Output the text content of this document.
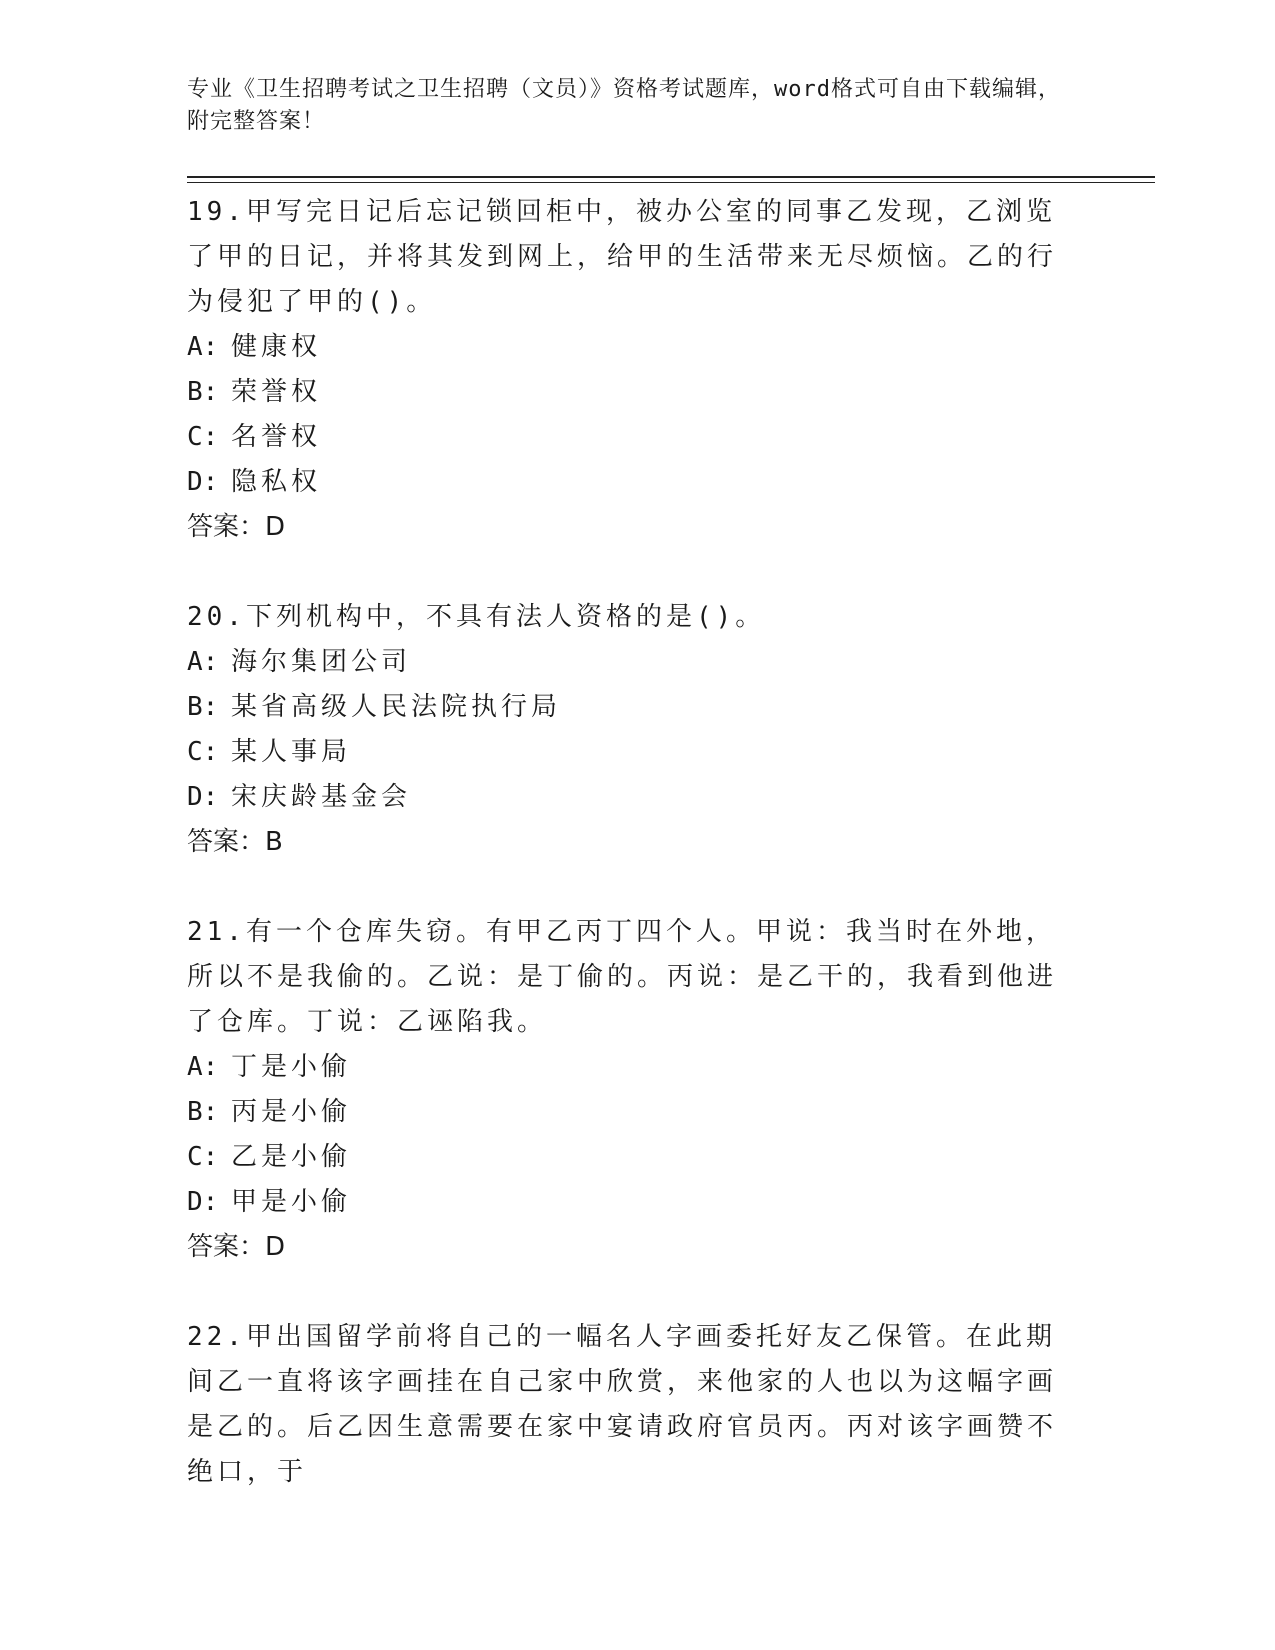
专业《卫生招聘考试之卫生招聘（文员）》资格考试题库，word格式可自由下载编辑，附完整答案！

19.甲写完日记后忘记锁回柜中，被办公室的同事乙发现，乙浏览了甲的日记，并将其发到网上，给甲的生活带来无尽烦恼。乙的行为侵犯了甲的()。

A: 健康权

B: 荣誉权

C: 名誉权

D: 隐私权

答案：D

20.下列机构中，不具有法人资格的是()。

A: 海尔集团公司

B: 某省高级人民法院执行局

C: 某人事局

D: 宋庆龄基金会

答案：B

21.有一个仓库失窃。有甲乙丙丁四个人。甲说：我当时在外地，所以不是我偷的。乙说：是丁偷的。丙说：是乙干的，我看到他进了仓库。丁说：乙诬陷我。

A: 丁是小偷

B: 丙是小偷

C: 乙是小偷

D: 甲是小偷

答案：D

22.甲出国留学前将自己的一幅名人字画委托好友乙保管。在此期间乙一直将该字画挂在自己家中欣赏，来他家的人也以为这幅字画是乙的。后乙因生意需要在家中宴请政府官员丙。丙对该字画赞不绝口，于
